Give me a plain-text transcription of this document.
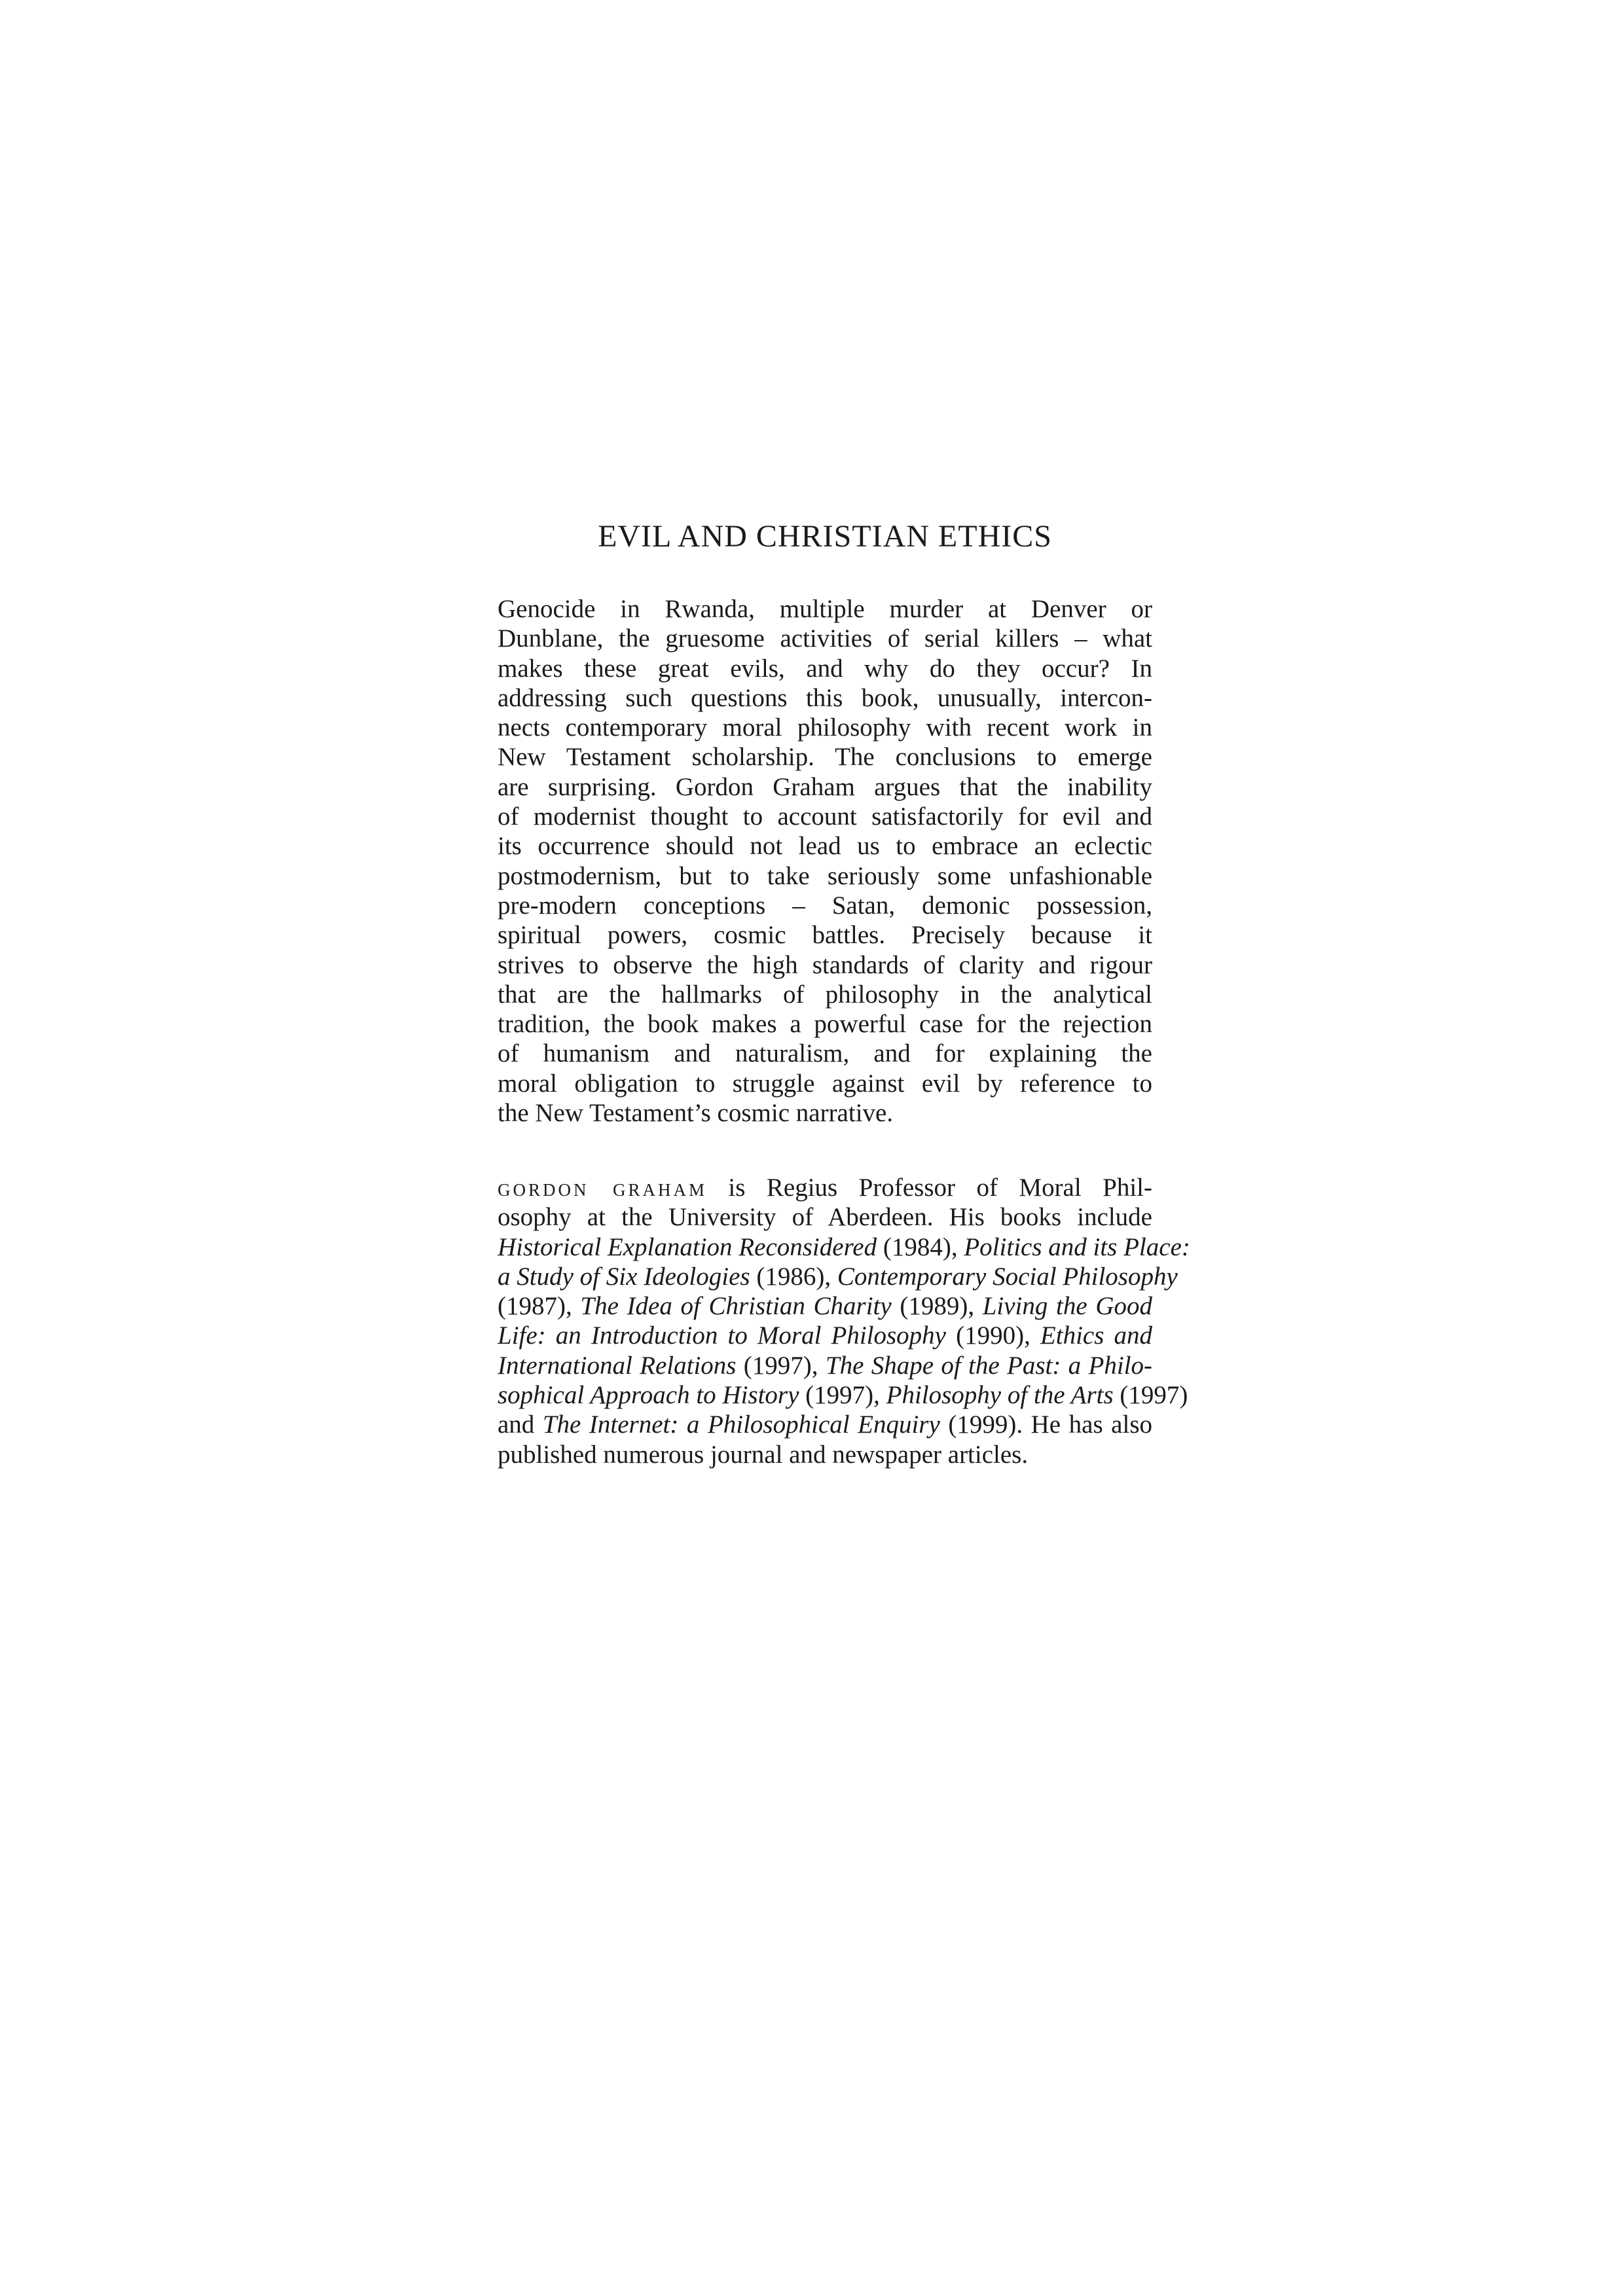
EVIL AND CHRISTIAN ETHICS
Genocide in Rwanda, multiple murder at Denver or
Dunblane, the gruesome activities of serial killers – what
makes these great evils, and why do they occur? In
addressing such questions this book, unusually, intercon-
nects contemporary moral philosophy with recent work in
New Testament scholarship. The conclusions to emerge
are surprising. Gordon Graham argues that the inability
of modernist thought to account satisfactorily for evil and
its occurrence should not lead us to embrace an eclectic
postmodernism, but to take seriously some unfashionable
pre-modern conceptions – Satan, demonic possession,
spiritual powers, cosmic battles. Precisely because it
strives to observe the high standards of clarity and rigour
that are the hallmarks of philosophy in the analytical
tradition, the book makes a powerful case for the rejection
of humanism and naturalism, and for explaining the
moral obligation to struggle against evil by reference to
the New Testament’s cosmic narrative.
gordon graham is Regius Professor of Moral Phil-
osophy at the University of Aberdeen. His books include
Historical Explanation Reconsidered (1984), Politics and its Place:
a Study of Six Ideologies (1986), Contemporary Social Philosophy
(1987), The Idea of Christian Charity (1989), Living the Good
Life: an Introduction to Moral Philosophy (1990), Ethics and
International Relations (1997), The Shape of the Past: a Philo-
sophical Approach to History (1997), Philosophy of the Arts (1997)
and The Internet: a Philosophical Enquiry (1999). He has also
published numerous journal and newspaper articles.
